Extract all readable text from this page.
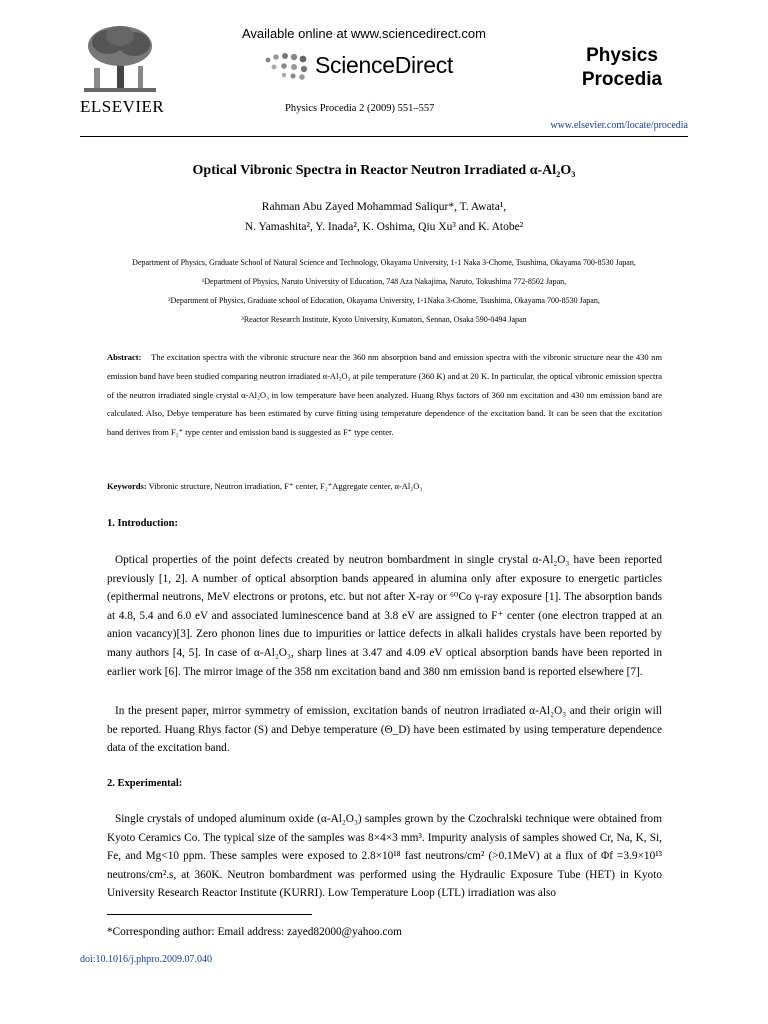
ELSEVIER
Available online at www.sciencedirect.com
ScienceDirect
Physics Procedia 2 (2009) 551–557
Physics
Procedia
www.elsevier.com/locate/procedia
Optical Vibronic Spectra in Reactor Neutron Irradiated α-Al₂O₃
Rahman Abu Zayed Mohammad Saliqur*, T. Awata¹,
N. Yamashita², Y. Inada², K. Oshima, Qiu Xu³ and K. Atobe²
Department of Physics, Graduate School of Natural Science and Technology, Okayama University, 1-1 Naka 3-Chome, Tsushima, Okayama 700-8530 Japan,
¹Department of Physics, Naruto University of Education, 748 Aza Nakajima, Naruto, Tokushima 772-8502 Japan,
²Department of Physics, Graduate school of Education, Okayama University, 1-1Naka 3-Chome, Tsushima, Okayama 700-8530 Japan,
³Reactor Research Institute, Kyoto University, Kumatori, Sennan, Osaka 590-0494 Japan
Abstract: The excitation spectra with the vibronic structure near the 360 nm absorption band and emission spectra with the vibronic structure near the 430 nm emission band have been studied comparing neutron irradiated α-Al₂O₃ at pile temperature (360 K) and at 20 K. In particular, the optical vibronic emission spectra of the neutron irradiated single crystal α-Al₂O₃ in low temperature have been analyzed. Huang Rhys factors of 360 nm excitation and 430 nm emission band are calculated. Also, Debye temperature has been estimated by curve fitting using temperature dependence of the excitation band. It can be seen that the excitation band derives from F₂⁺ type center and emission band is suggested as F⁺ type center.
Keywords: Vibronic structure, Neutron irradiation, F⁺ center, F₂⁺Aggregate center, α-Al₂O₃
1. Introduction:
Optical properties of the point defects created by neutron bombardment in single crystal α-Al₂O₃ have been reported previously [1, 2]. A number of optical absorption bands appeared in alumina only after exposure to energetic particles (epithermal neutrons, MeV electrons or protons, etc. but not after X-ray or ⁶⁰Co γ-ray exposure [1]. The absorption bands at 4.8, 5.4 and 6.0 eV and associated luminescence band at 3.8 eV are assigned to F⁺ center (one electron trapped at an anion vacancy)[3]. Zero phonon lines due to impurities or lattice defects in alkali halides crystals have been reported by many authors [4, 5]. In case of α-Al₂O₃, sharp lines at 3.47 and 4.09 eV optical absorption bands have been reported in earlier work [6]. The mirror image of the 358 nm excitation band and 380 nm emission band is reported elsewhere [7].
In the present paper, mirror symmetry of emission, excitation bands of neutron irradiated α-Al₂O₃ and their origin will be reported. Huang Rhys factor (S) and Debye temperature (Θ_D) have been estimated by using temperature dependence data of the excitation band.
2. Experimental:
Single crystals of undoped aluminum oxide (α-Al₂O₃) samples grown by the Czochralski technique were obtained from Kyoto Ceramics Co. The typical size of the samples was 8×4×3 mm³. Impurity analysis of samples showed Cr, Na, K, Si, Fe, and Mg<10 ppm. These samples were exposed to 2.8×10¹⁸ fast neutrons/cm² (>0.1MeV) at a flux of Φf =3.9×10¹³ neutrons/cm².s, at 360K. Neutron bombardment was performed using the Hydraulic Exposure Tube (HET) in Kyoto University Research Reactor Institute (KURRI). Low Temperature Loop (LTL) irradiation was also
*Corresponding author: Email address: zayed82000@yahoo.com
doi:10.1016/j.phpro.2009.07.040
